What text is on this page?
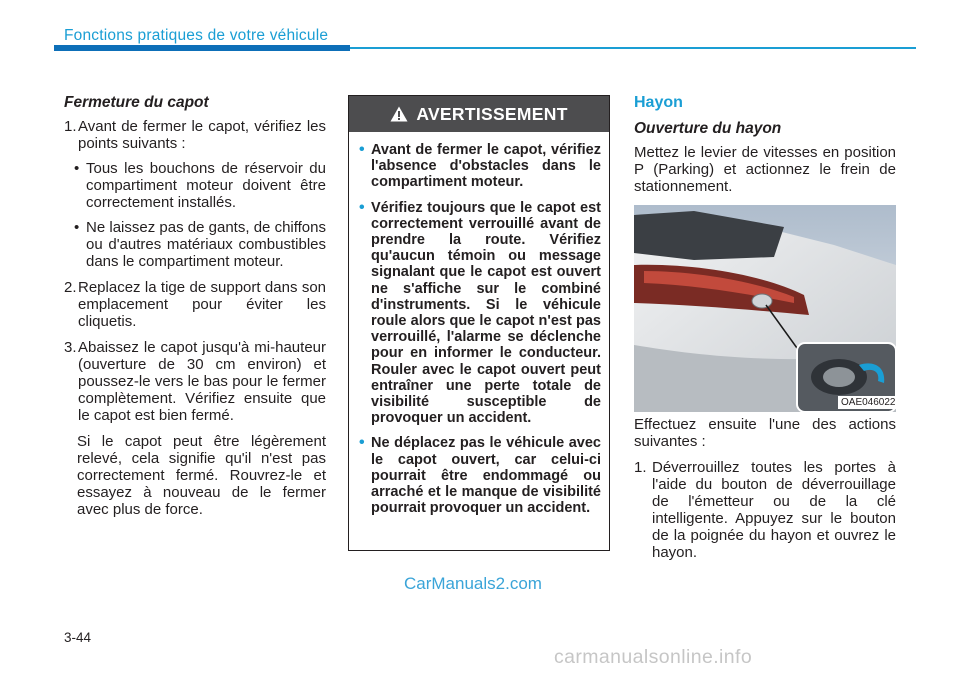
Fonctions pratiques de votre véhicule
Fermeture du capot
1. Avant de fermer le capot, vérifiez les points suivants :
• Tous les bouchons de réservoir du compartiment moteur doivent être correctement installés.
• Ne laissez pas de gants, de chiffons ou d'autres matériaux combustibles dans le compartiment moteur.
2. Replacez la tige de support dans son emplacement pour éviter les cliquetis.
3. Abaissez le capot jusqu'à mi-hauteur (ouverture de 30 cm environ) et poussez-le vers le bas pour le fermer complètement. Vérifiez ensuite que le capot est bien fermé.

Si le capot peut être légèrement relevé, cela signifie qu'il n'est pas correctement fermé. Rouvrez-le et essayez à nouveau de le fermer avec plus de force.

AVERTISSEMENT
• Avant de fermer le capot, vérifiez l'absence d'obstacles dans le compartiment moteur.
• Vérifiez toujours que le capot est correctement verrouillé avant de prendre la route. Vérifiez qu'aucun témoin ou message signalant que le capot est ouvert ne s'affiche sur le combiné d'instruments. Si le véhicule roule alors que le capot n'est pas verrouillé, l'alarme se déclenche pour en informer le conducteur. Rouler avec le capot ouvert peut entraîner une perte totale de visibilité susceptible de provoquer un accident.
• Ne déplacez pas le véhicule avec le capot ouvert, car celui-ci pourrait être endommagé ou arraché et le manque de visibilité pourrait provoquer un accident.
Hayon
Ouverture du hayon

Mettez le levier de vitesses en position P (Parking) et actionnez le frein de stationnement.

OAE046022

Effectuez ensuite l'une des actions suivantes :

1. Déverrouillez toutes les portes à l'aide du bouton de déverrouillage de l'émetteur ou de la clé intelligente. Appuyez sur le bouton de la poignée du hayon et ouvrez le hayon.
CarManuals2.com
3-44
carmanualsonline.info
